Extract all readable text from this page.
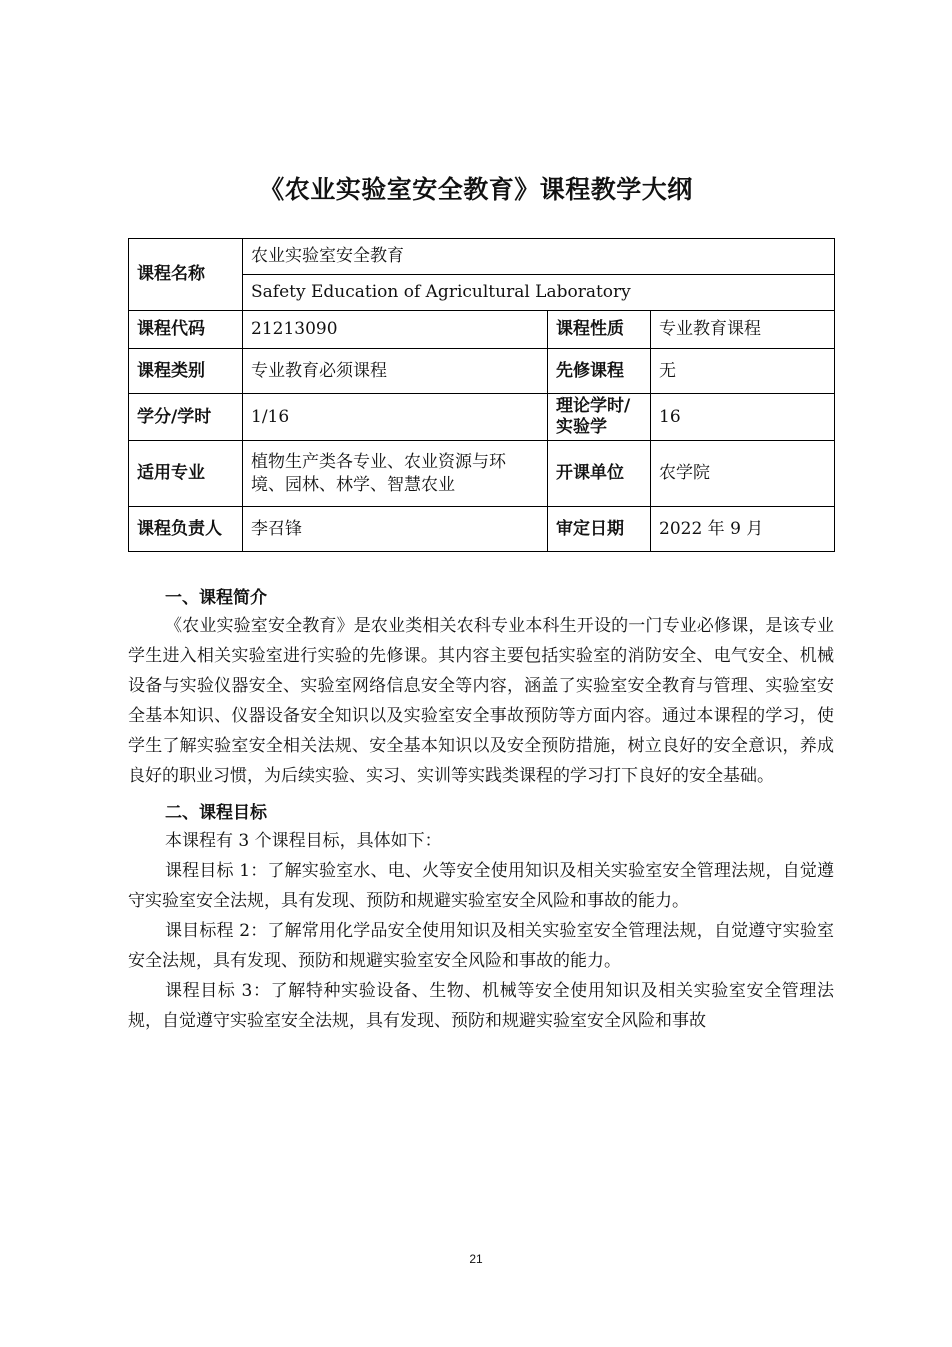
《农业实验室安全教育》课程教学大纲
课程名称	农业实验室安全教育		
	Safety Education of Agricultural Laboratory		
课程代码	21213090	课程性质	专业教育课程
课程类别	专业教育必须课程	先修课程	无
学分/学时	1/16	理论学时/实验学	16
适用专业	植物生产类各专业、农业资源与环境、园林、林学、智慧农业	开课单位	农学院
课程负责人	李召锋	审定日期	2022 年 9 月
一、课程简介

《农业实验室安全教育》是农业类相关农科专业本科生开设的一门专业必修课，是该专业学生进入相关实验室进行实验的先修课。其内容主要包括实验室的消防安全、电气安全、机械设备与实验仪器安全、实验室网络信息安全等内容，涵盖了实验室安全教育与管理、实验室安全基本知识、仪器设备安全知识以及实验室安全事故预防等方面内容。通过本课程的学习，使学生了解实验室安全相关法规、安全基本知识以及安全预防措施，树立良好的安全意识，养成良好的职业习惯，为后续实验、实习、实训等实践类课程的学习打下良好的安全基础。

二、课程目标

本课程有 3 个课程目标，具体如下：

课程目标 1：了解实验室水、电、火等安全使用知识及相关实验室安全管理法规，自觉遵守实验室安全法规，具有发现、预防和规避实验室安全风险和事故的能力。

课目标程 2：了解常用化学品安全使用知识及相关实验室安全管理法规，自觉遵守实验室安全法规，具有发现、预防和规避实验室安全风险和事故的能力。

课程目标 3：了解特种实验设备、生物、机械等安全使用知识及相关实验室安全管理法规，自觉遵守实验室安全法规，具有发现、预防和规避实验室安全风险和事故

21
